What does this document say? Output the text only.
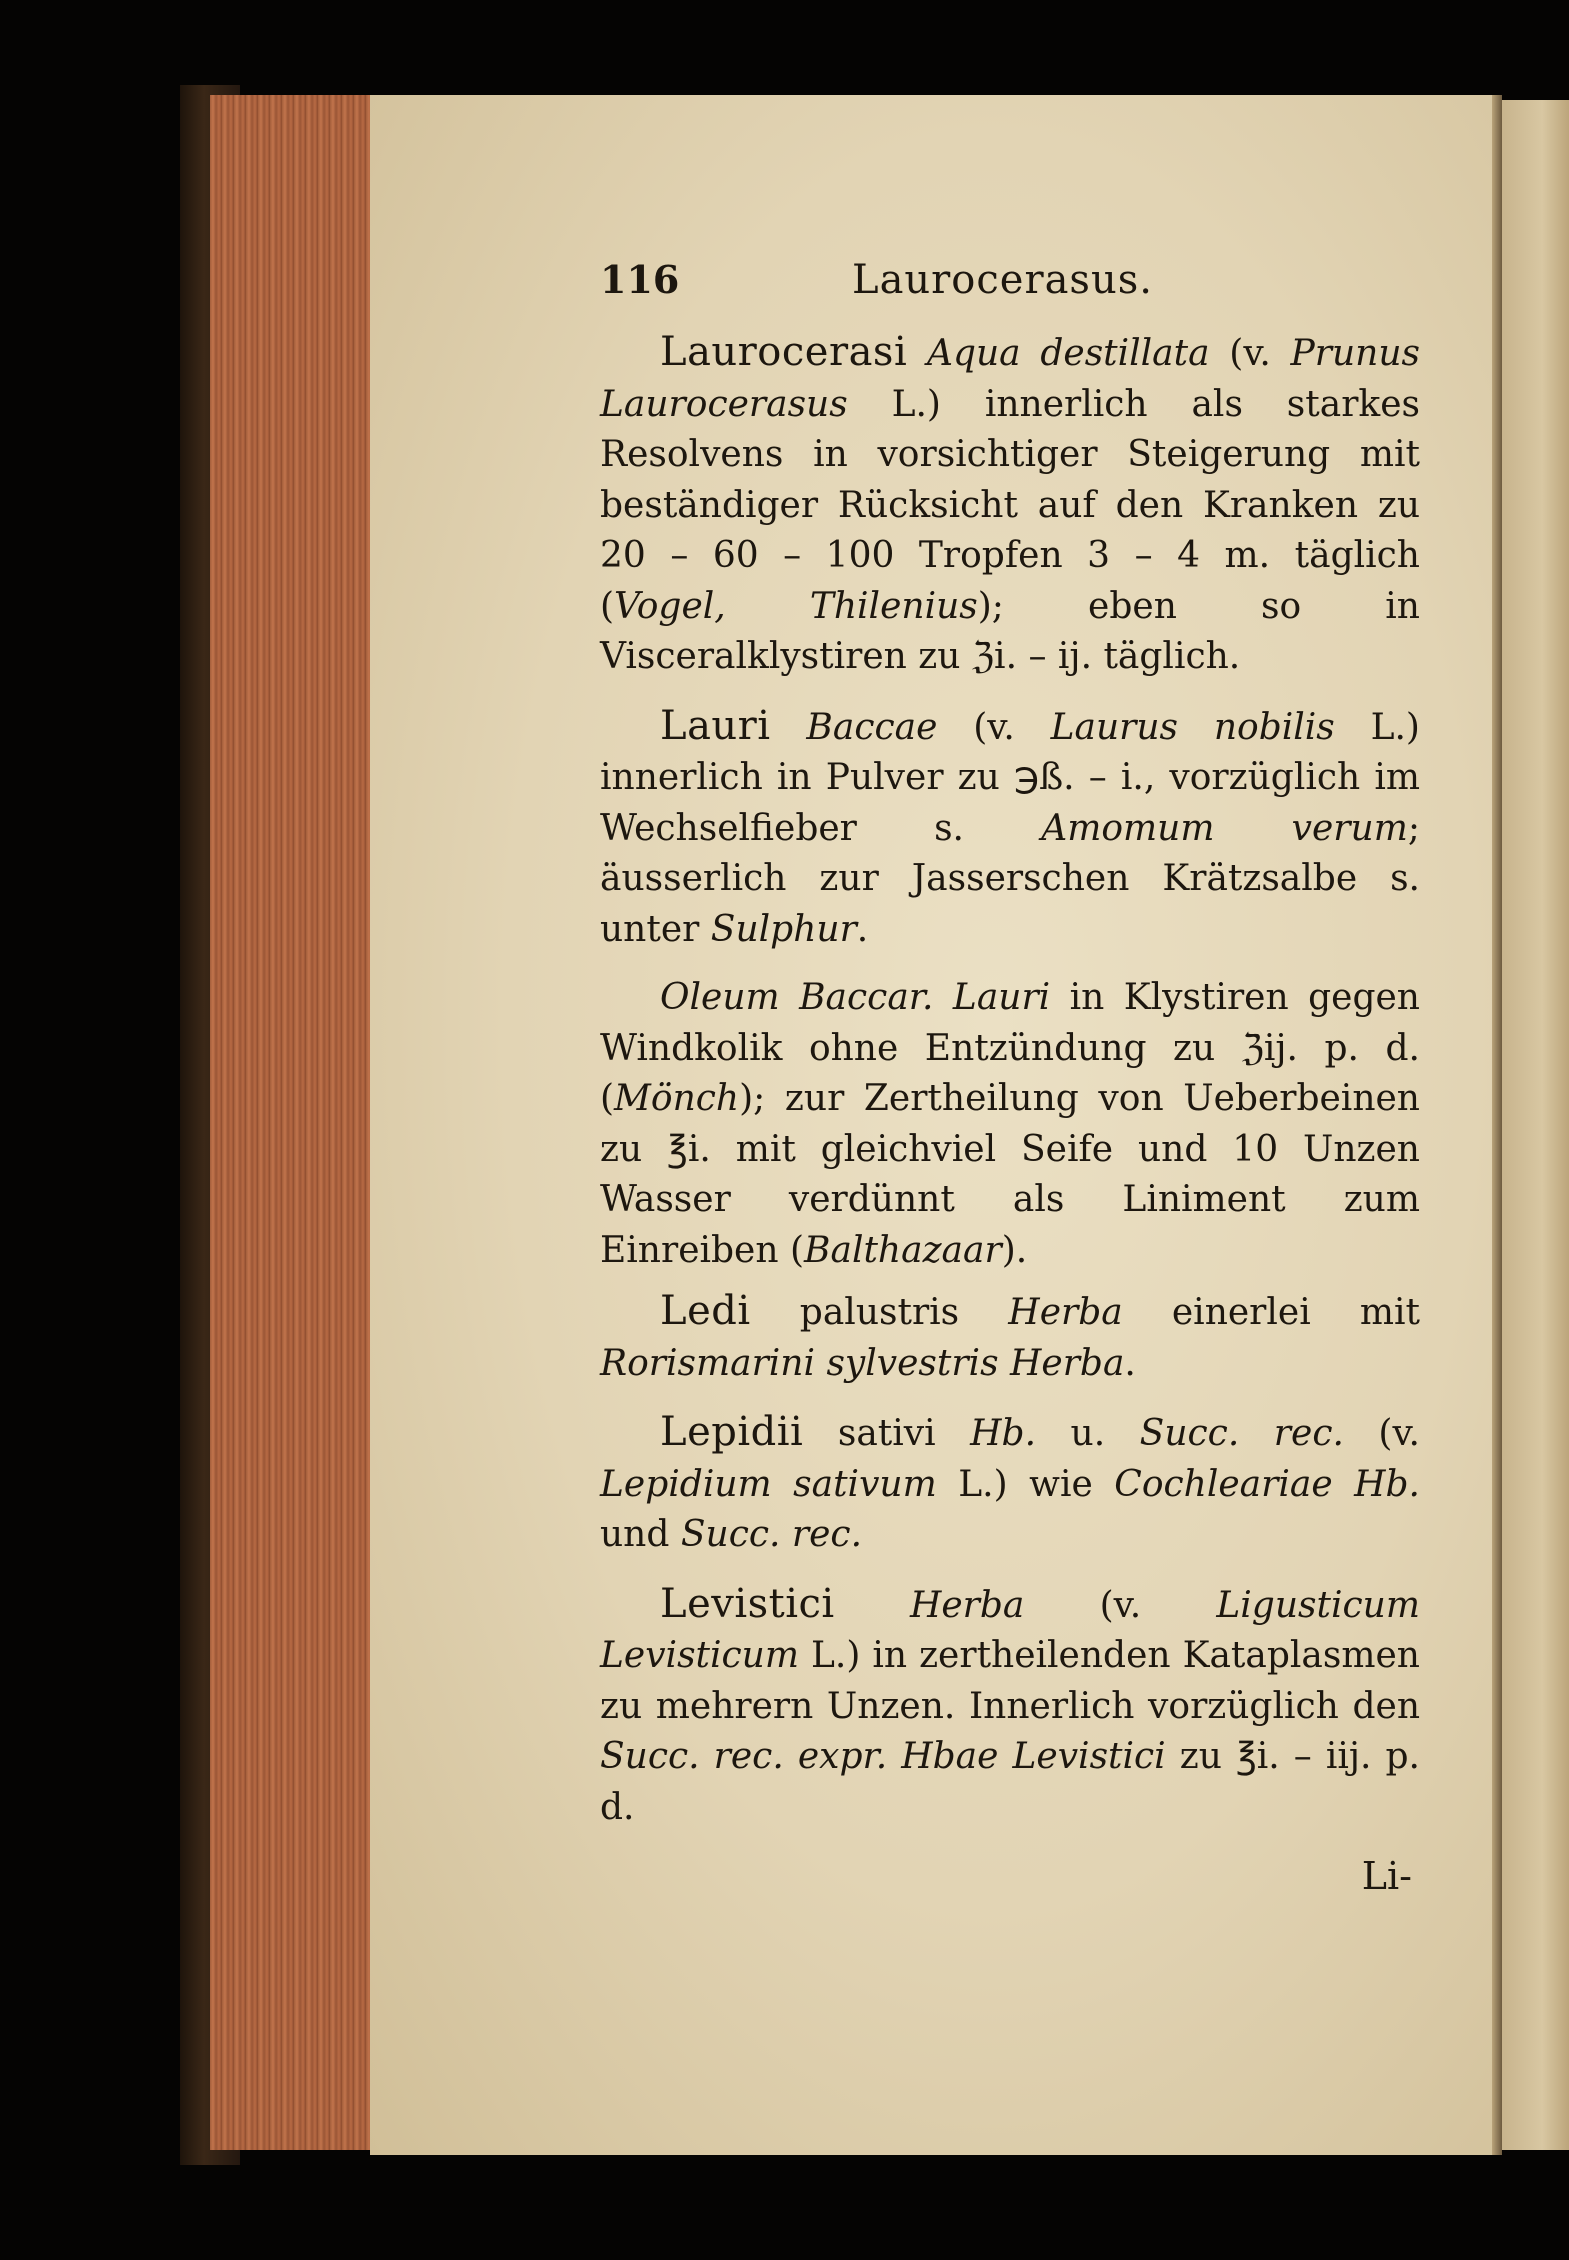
116	Laurocerasus.

Laurocerasi Aqua destillata (v. Prunus Laurocerasus L.) innerlich als starkes Resolvens in vorsichtiger Steigerung mit beständiger Rücksicht auf den Kranken zu 20 – 60 – 100 Tropfen 3 – 4 m. täglich (Vogel, Thilenius); eben so in Visceralklystiren zu ℨi. – ij. täglich.

Lauri Baccae (v. Laurus nobilis L.) innerlich in Pulver zu ℈ß. – i., vorzüglich im Wechselfieber s. Amomum verum; äusserlich zur Jasserschen Krätzsalbe s. unter Sulphur.

Oleum Baccar. Lauri in Klystiren gegen Windkolik ohne Entzündung zu ℨij. p. d. (Mönch); zur Zertheilung von Ueberbeinen zu ℥i. mit gleichviel Seife und 10 Unzen Wasser verdünnt als Liniment zum Einreiben (Balthazaar).

Ledi palustris Herba einerlei mit Rorismarini sylvestris Herba.

Lepidii sativi Hb. u. Succ. rec. (v. Lepidium sativum L.) wie Cochleariae Hb. und Succ. rec.

Levistici Herba (v. Ligusticum Levisticum L.) in zertheilenden Kataplasmen zu mehrern Unzen. Innerlich vorzüglich den Succ. rec. expr. Hbae Levistici zu ℥i. – iij. p. d.

Li-
